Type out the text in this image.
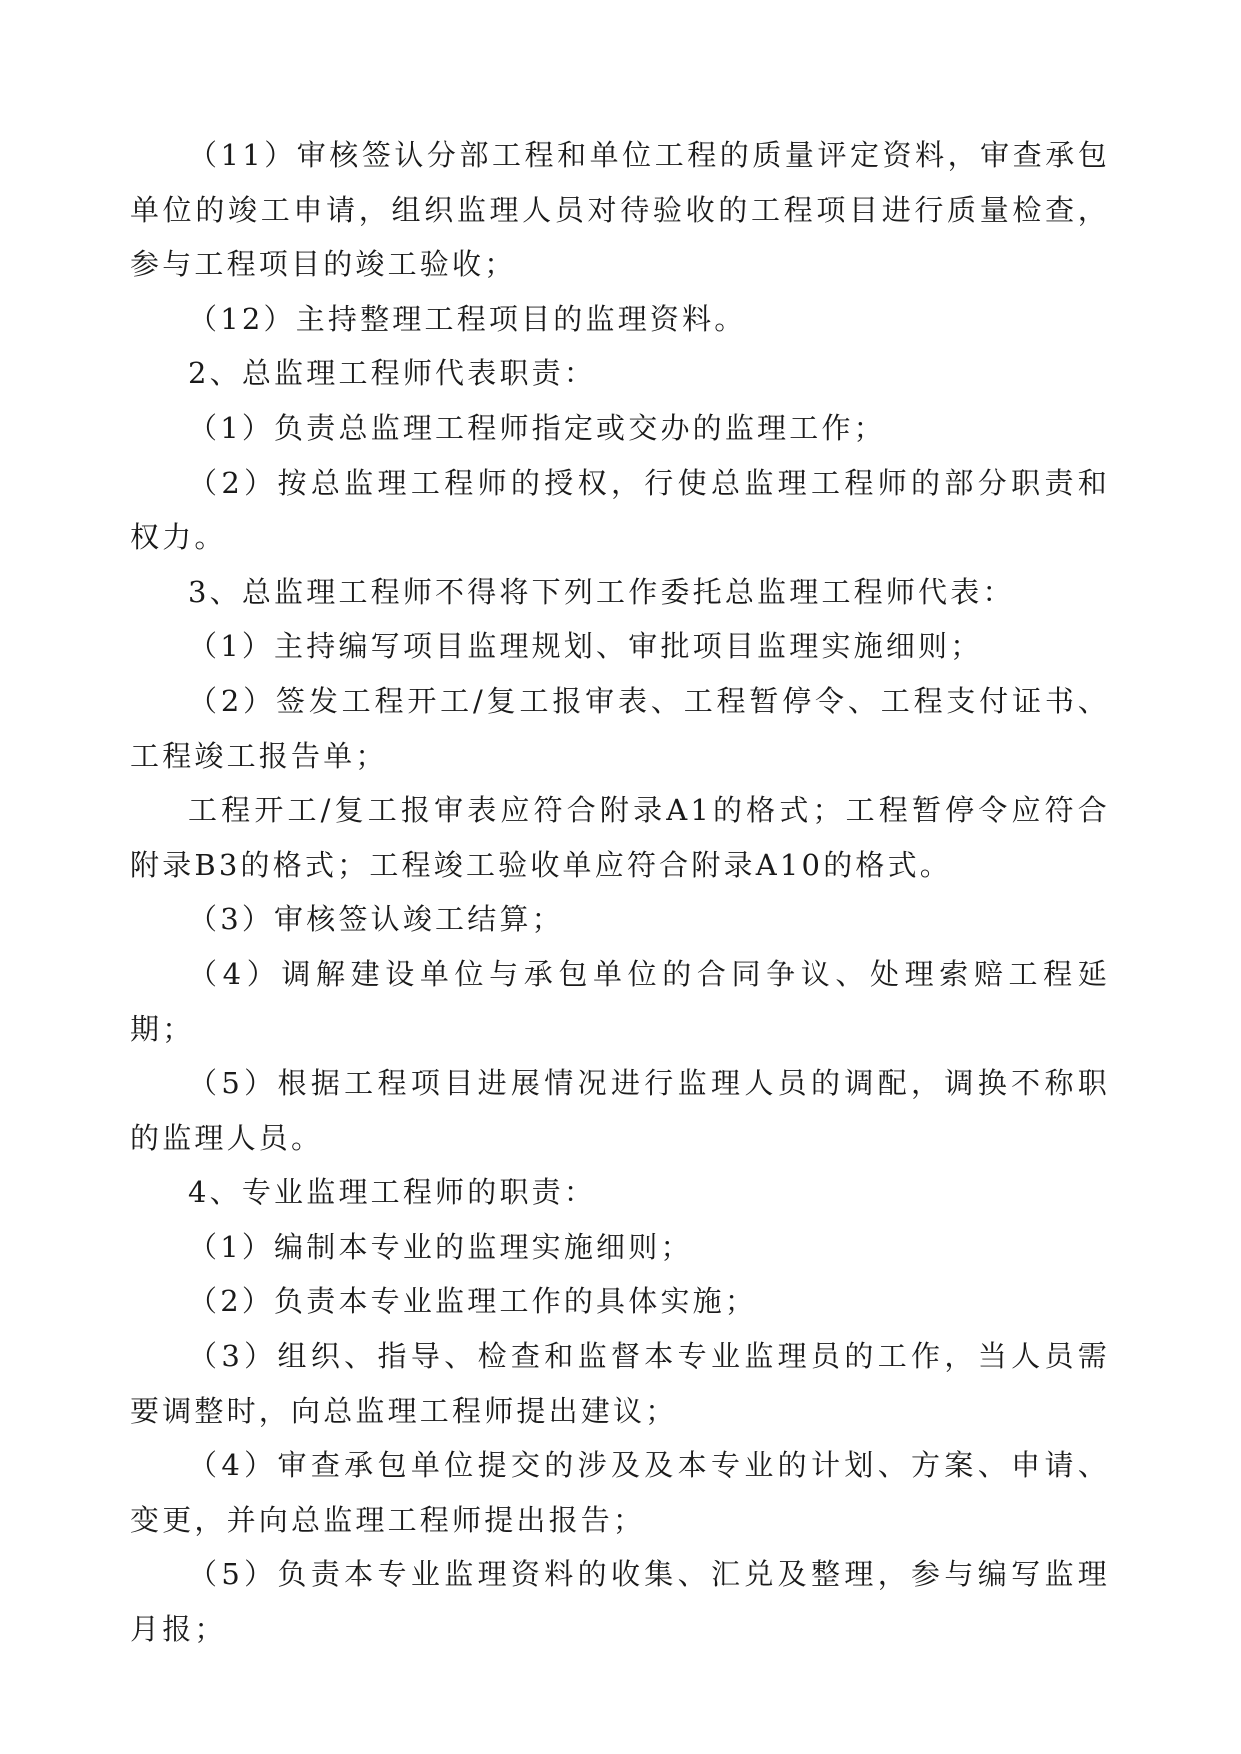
（11）审核签认分部工程和单位工程的质量评定资料，审查承包单位的竣工申请，组织监理人员对待验收的工程项目进行质量检查，参与工程项目的竣工验收；

（12）主持整理工程项目的监理资料。

2、总监理工程师代表职责：

（1）负责总监理工程师指定或交办的监理工作；

（2）按总监理工程师的授权，行使总监理工程师的部分职责和权力。

3、总监理工程师不得将下列工作委托总监理工程师代表：

（1）主持编写项目监理规划、审批项目监理实施细则；

（2）签发工程开工/复工报审表、工程暂停令、工程支付证书、工程竣工报告单；

工程开工/复工报审表应符合附录A1的格式；工程暂停令应符合附录B3的格式；工程竣工验收单应符合附录A10的格式。

（3）审核签认竣工结算；

（4）调解建设单位与承包单位的合同争议、处理索赔工程延期；

（5）根据工程项目进展情况进行监理人员的调配，调换不称职的监理人员。

4、专业监理工程师的职责：

（1）编制本专业的监理实施细则；

（2）负责本专业监理工作的具体实施；

（3）组织、指导、检查和监督本专业监理员的工作，当人员需要调整时，向总监理工程师提出建议；

（4）审查承包单位提交的涉及及本专业的计划、方案、申请、变更，并向总监理工程师提出报告；

（5）负责本专业监理资料的收集、汇兑及整理，参与编写监理月报；
